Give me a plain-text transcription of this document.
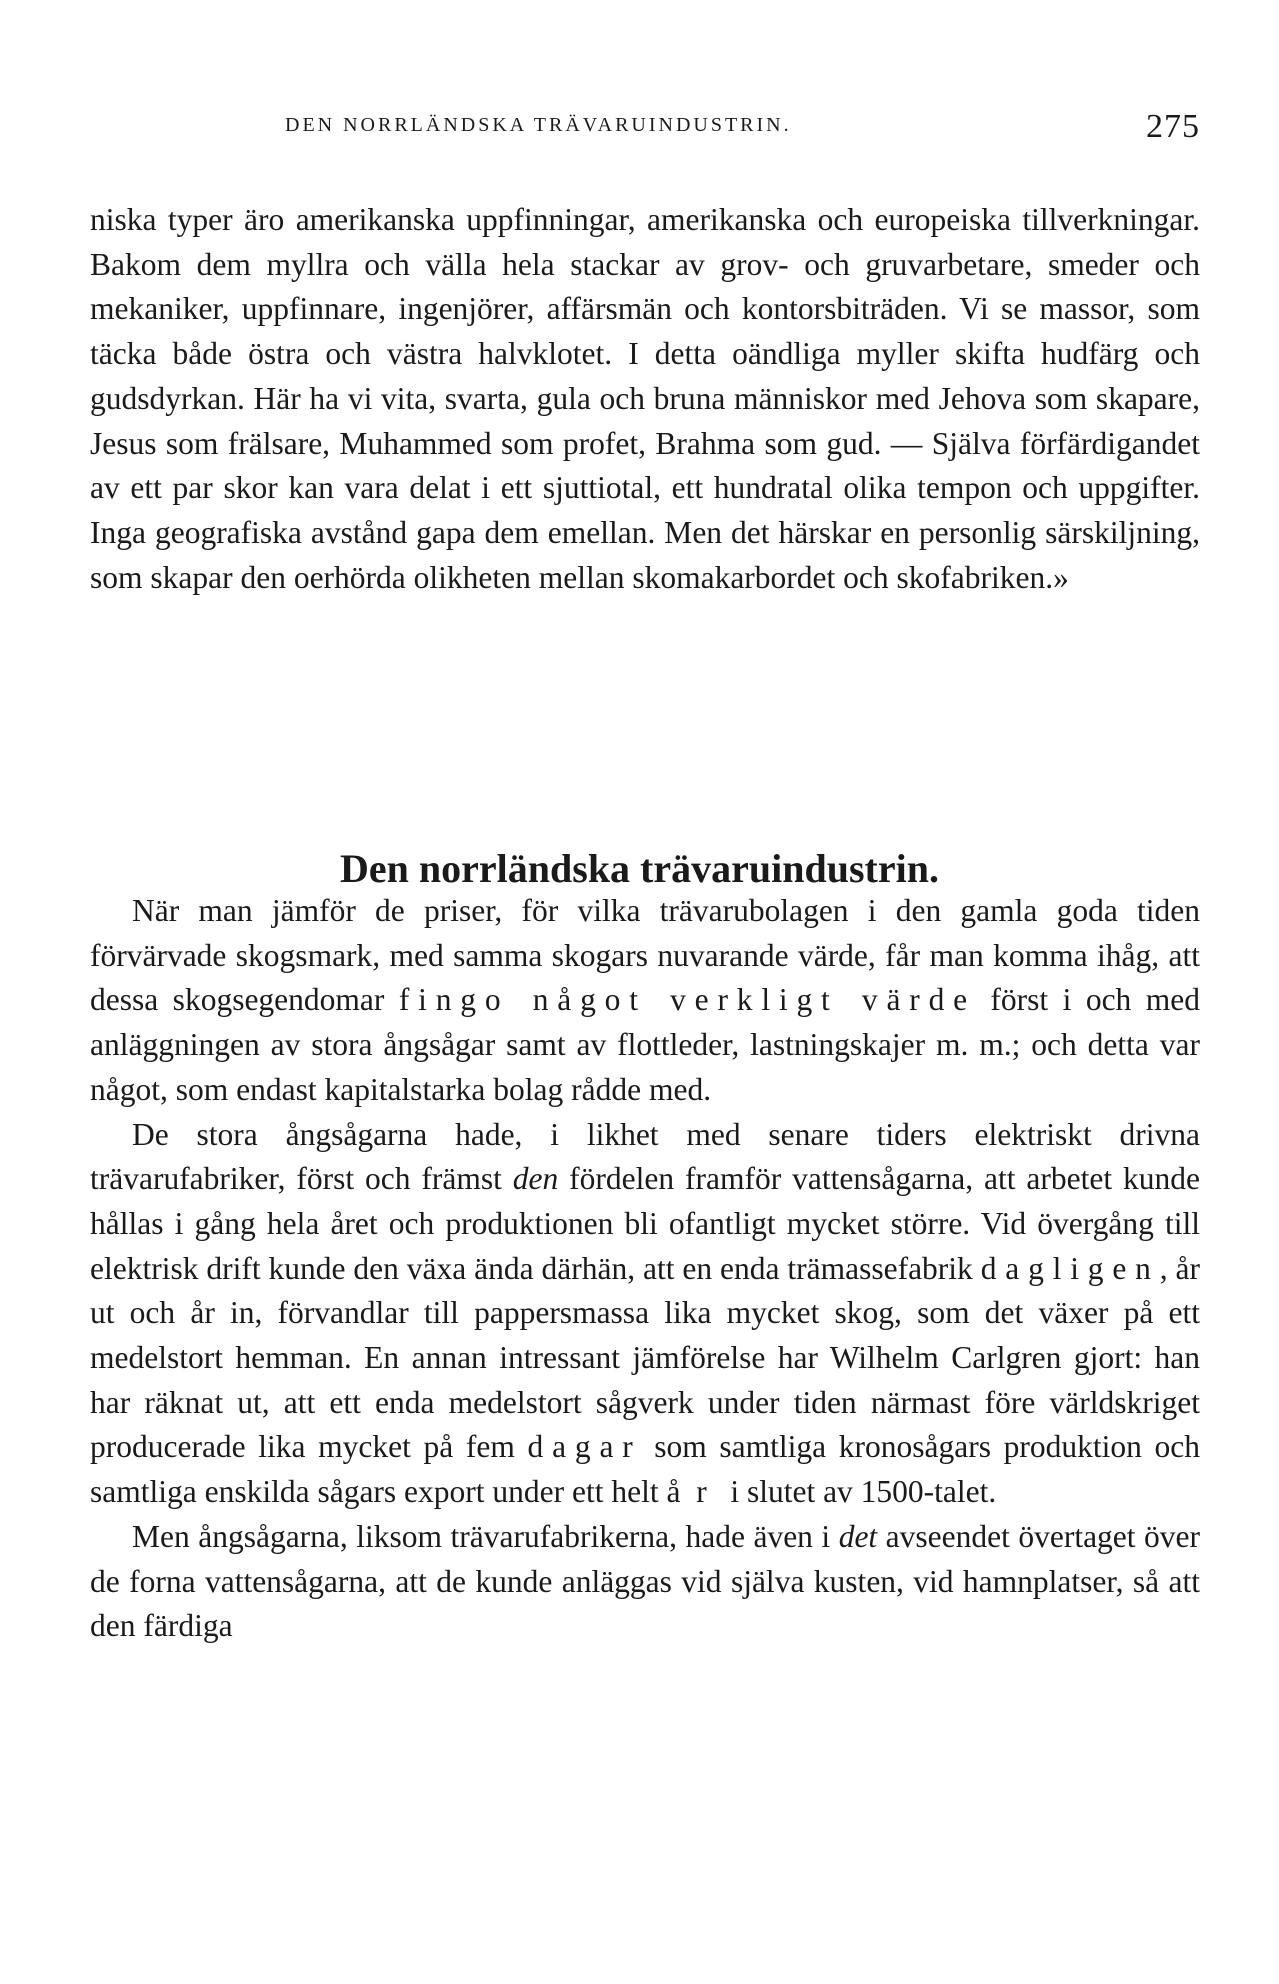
DEN NORRLÄNDSKA TRÄVARUINDUSTRIN.	275

niska typer äro amerikanska uppfinningar, amerikanska och europeiska tillverkningar. Bakom dem myllra och välla hela stackar av grov- och gruvarbetare, smeder och mekaniker, uppfinnare, ingenjörer, affärsmän och kontorsbiträden. Vi se massor, som täcka både östra och västra halvklotet. I detta oändliga myller skifta hudfärg och gudsdyrkan. Här ha vi vita, svarta, gula och bruna människor med Jehova som skapare, Jesus som frälsare, Muhammed som profet, Brahma som gud. — Själva förfärdigandet av ett par skor kan vara delat i ett sjuttiotal, ett hundratal olika tempon och uppgifter. Inga geografiska avstånd gapa dem emellan. Men det härskar en personlig särskiljning, som skapar den oerhörda olikheten mellan skomakarbordet och skofabriken.»

Den norrländska trävaruindustrin.

När man jämför de priser, för vilka trävarubolagen i den gamla goda tiden förvärvade skogsmark, med samma skogars nuvarande värde, får man komma ihåg, att dessa skogsegendomar fingo något verkligt värde först i och med anläggningen av stora ångsågar samt av flottleder, lastningskajer m. m.; och detta var något, som endast kapitalstarka bolag rådde med.

De stora ångsågarna hade, i likhet med senare tiders elektriskt drivna trävarufabriker, först och främst den fördelen framför vattensågarna, att arbetet kunde hållas i gång hela året och produktionen bli ofantligt mycket större. Vid övergång till elektrisk drift kunde den växa ända därhän, att en enda trämassefabrik dagligen, år ut och år in, förvandlar till pappersmassa lika mycket skog, som det växer på ett medelstort hemman. En annan intressant jämförelse har Wilhelm Carlgren gjort: han har räknat ut, att ett enda medelstort sågverk under tiden närmast före världskriget producerade lika mycket på fem dagar som samtliga kronosågars produktion och samtliga enskilda sågars export under ett helt år i slutet av 1500-talet.

Men ångsågarna, liksom trävarufabrikerna, hade även i det avseendet övertaget över de forna vattensågarna, att de kunde anläggas vid själva kusten, vid hamnplatser, så att den färdiga
